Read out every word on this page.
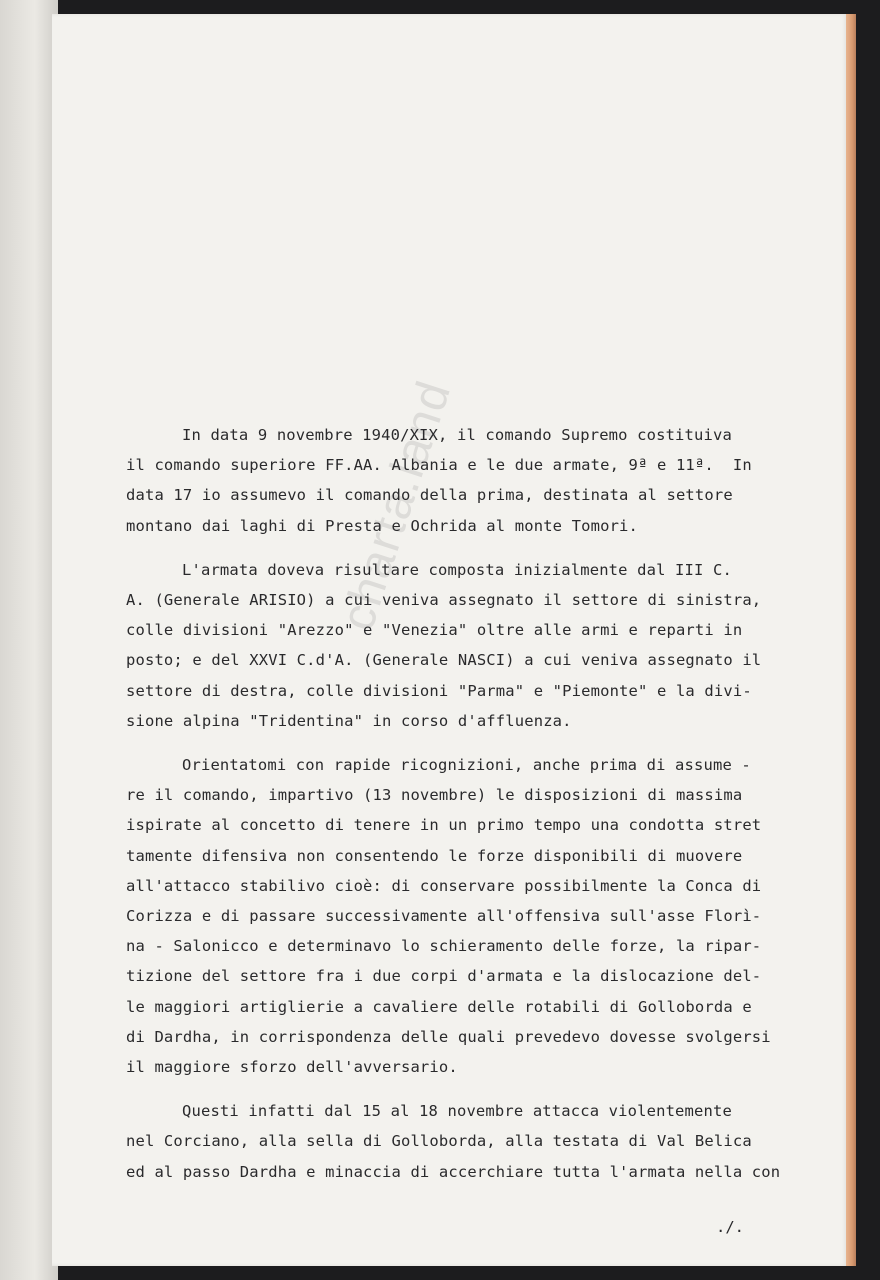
charta.land
In data 9 novembre 1940/XIX, il comando Supremo costituiva
il comando superiore FF.AA. Albania e le due armate, 9ª e 11ª.  In
data 17 io assumevo il comando della prima, destinata al settore
montano dai laghi di Presta e Ochrida al monte Tomori.
L'armata doveva risultare composta inizialmente dal III C.
A. (Generale ARISIO) a cui veniva assegnato il settore di sinistra,
colle divisioni "Arezzo" e "Venezia" oltre alle armi e reparti in
posto; e del XXVI C.d'A. (Generale NASCI) a cui veniva assegnato il
settore di destra, colle divisioni "Parma" e "Piemonte" e la divi-
sione alpina "Tridentina" in corso d'affluenza.
Orientatomi con rapide ricognizioni, anche prima di assume -
re il comando, impartivo (13 novembre) le disposizioni di massima
ispirate al concetto di tenere in un primo tempo una condotta stret
tamente difensiva non consentendo le forze disponibili di muovere
all'attacco stabilivo cioè: di conservare possibilmente la Conca di
Corizza e di passare successivamente all'offensiva sull'asse Florì-
na - Salonicco e determinavo lo schieramento delle forze, la ripar-
tizione del settore fra i due corpi d'armata e la dislocazione del-
le maggiori artiglierie a cavaliere delle rotabili di Golloborda e
di Dardha, in corrispondenza delle quali prevedevo dovesse svolgersi
il maggiore sforzo dell'avversario.
Questi infatti dal 15 al 18 novembre attacca violentemente
nel Corciano, alla sella di Golloborda, alla testata di Val Belica
ed al passo Dardha e minaccia di accerchiare tutta l'armata nella con
./.
